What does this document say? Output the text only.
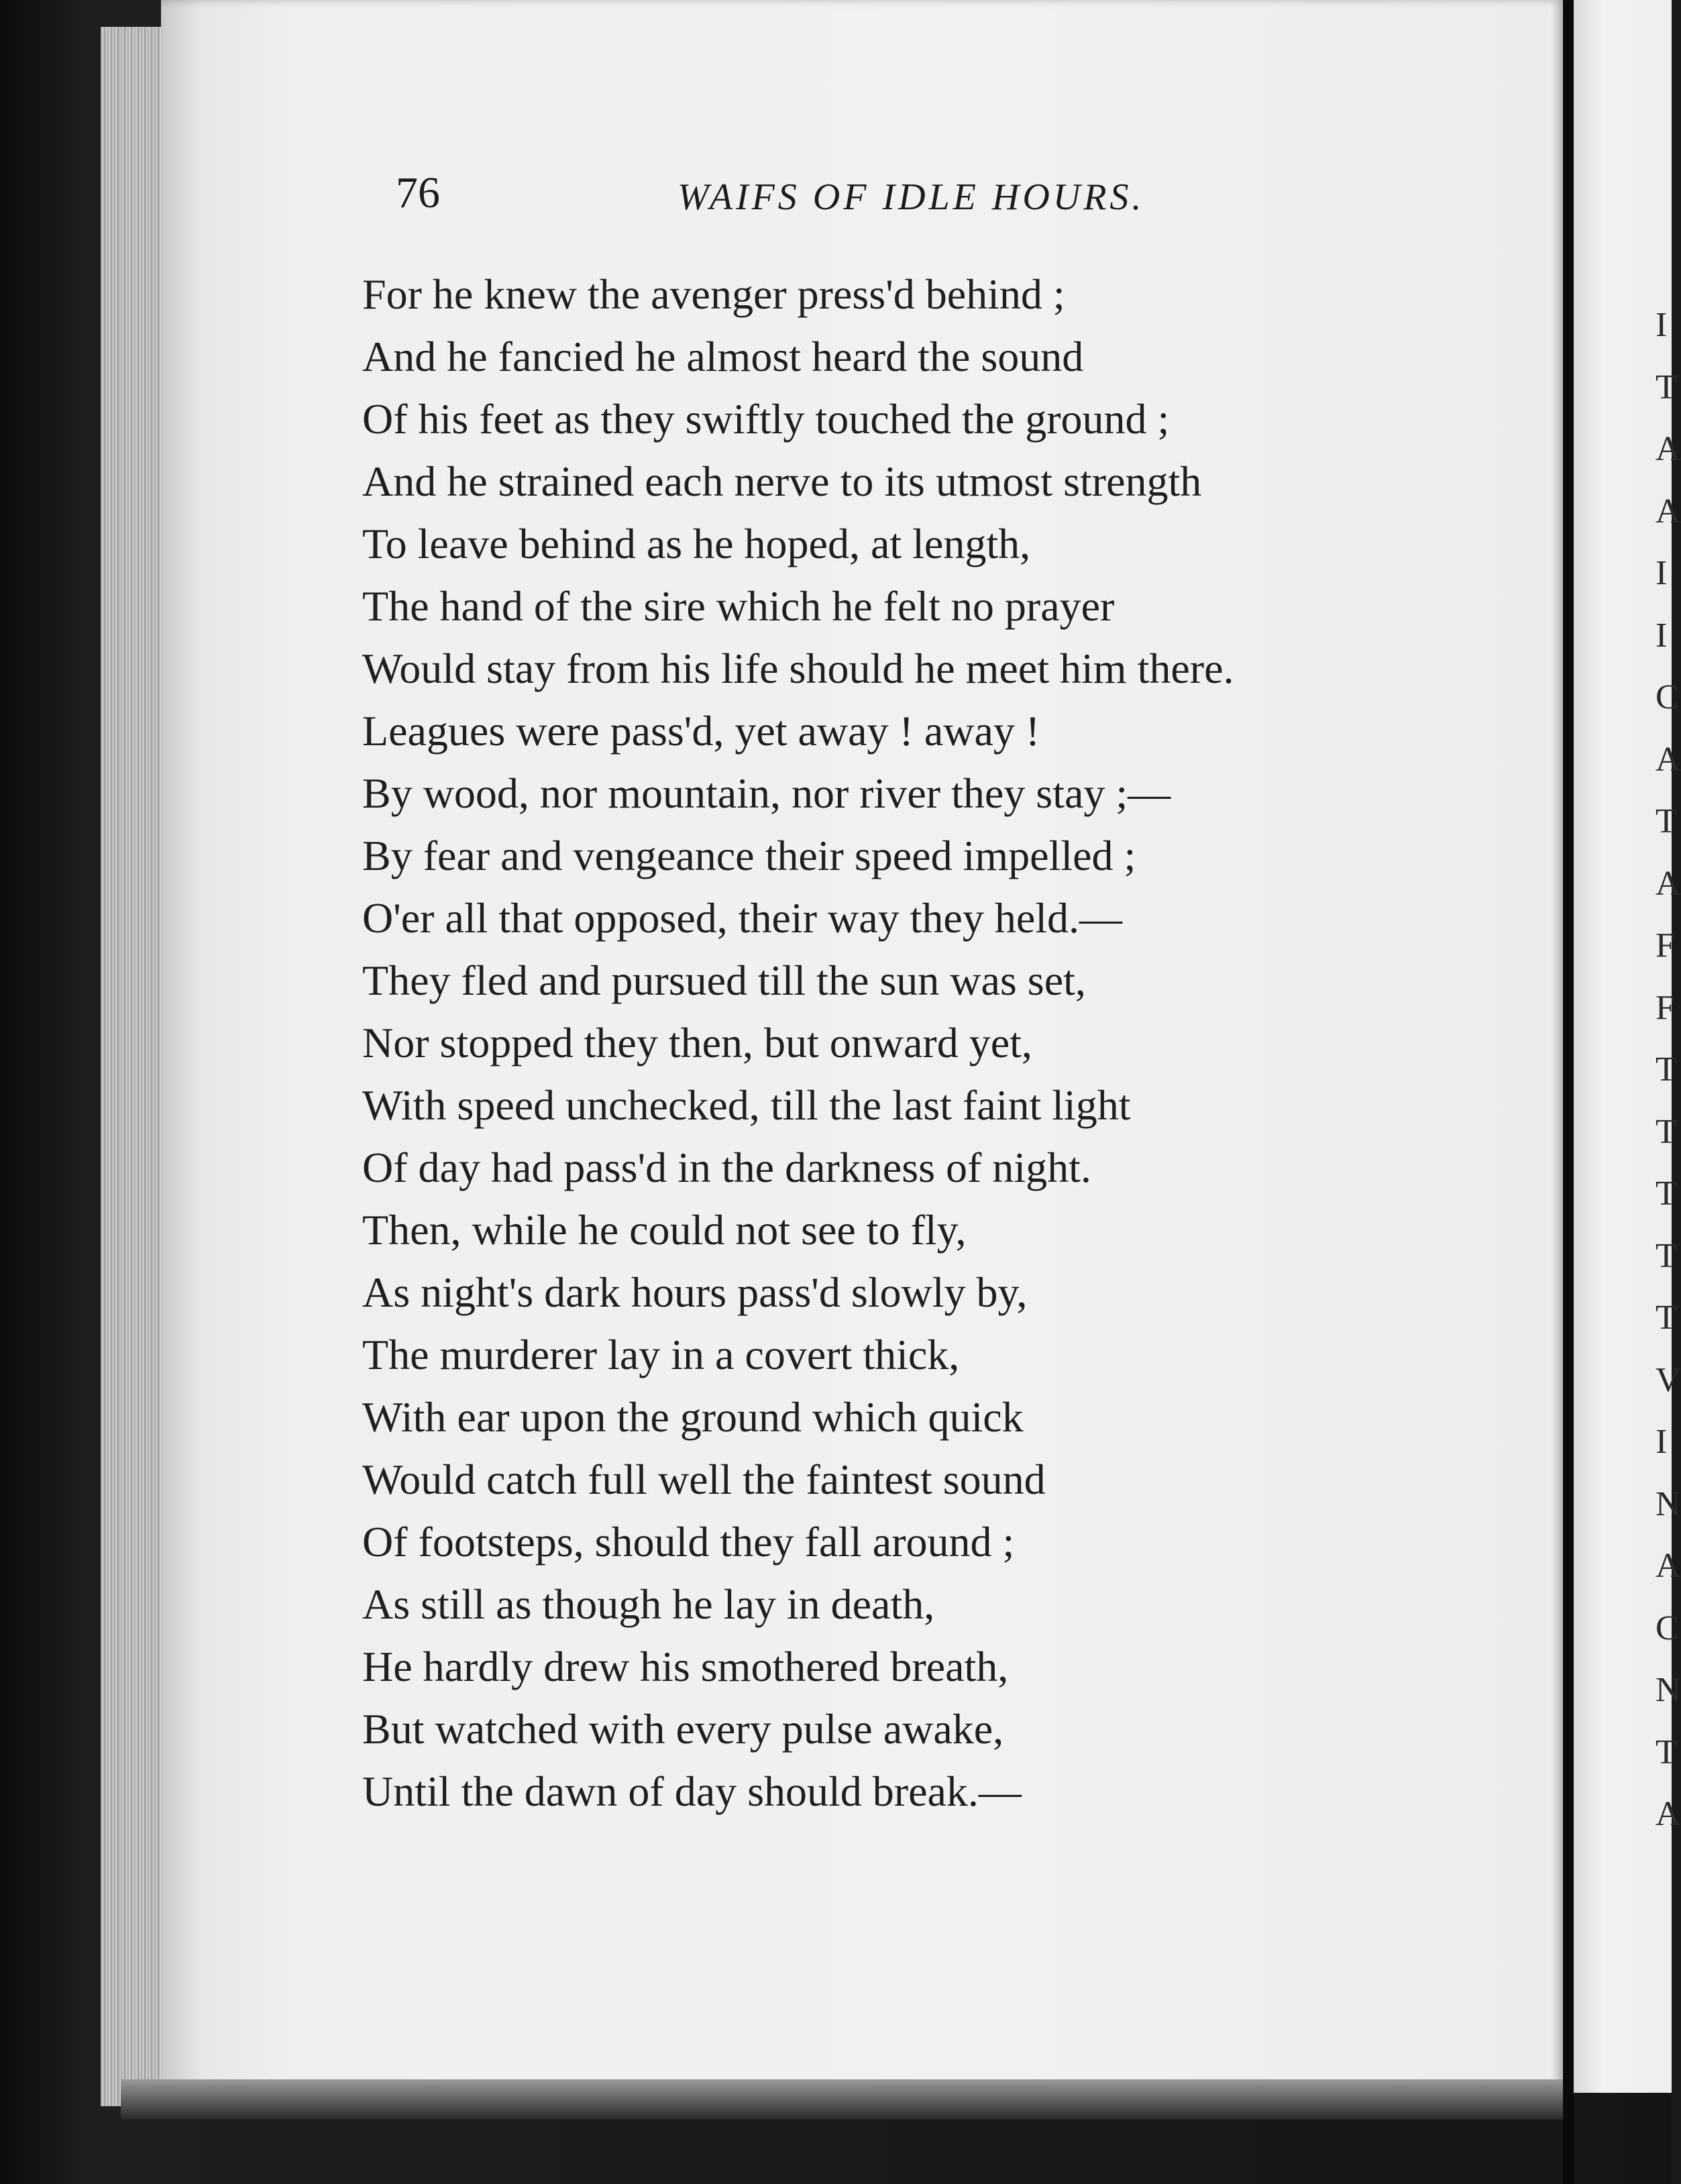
I
T
A
A
I
I
C
A
T
A
F
F
T
T
T
T
T
V
I
N
A
C
N
T
A
76	WAIFS OF IDLE HOURS.
For he knew the avenger press'd behind ;
And he fancied he almost heard the sound
Of his feet as they swiftly touched the ground ;
And he strained each nerve to its utmost strength
To leave behind as he hoped, at length,
The hand of the sire which he felt no prayer
Would stay from his life should he meet him there.
Leagues were pass'd, yet away ! away !
By wood, nor mountain, nor river they stay ;—
By fear and vengeance their speed impelled ;
O'er all that opposed, their way they held.—
They fled and pursued till the sun was set,
Nor stopped they then, but onward yet,
With speed unchecked, till the last faint light
Of day had pass'd in the darkness of night.
Then, while he could not see to fly,
As night's dark hours pass'd slowly by,
The murderer lay in a covert thick,
With ear upon the ground which quick
Would catch full well the faintest sound
Of footsteps, should they fall around ;
As still as though he lay in death,
He hardly drew his smothered breath,
But watched with every pulse awake,
Until the dawn of day should break.—
